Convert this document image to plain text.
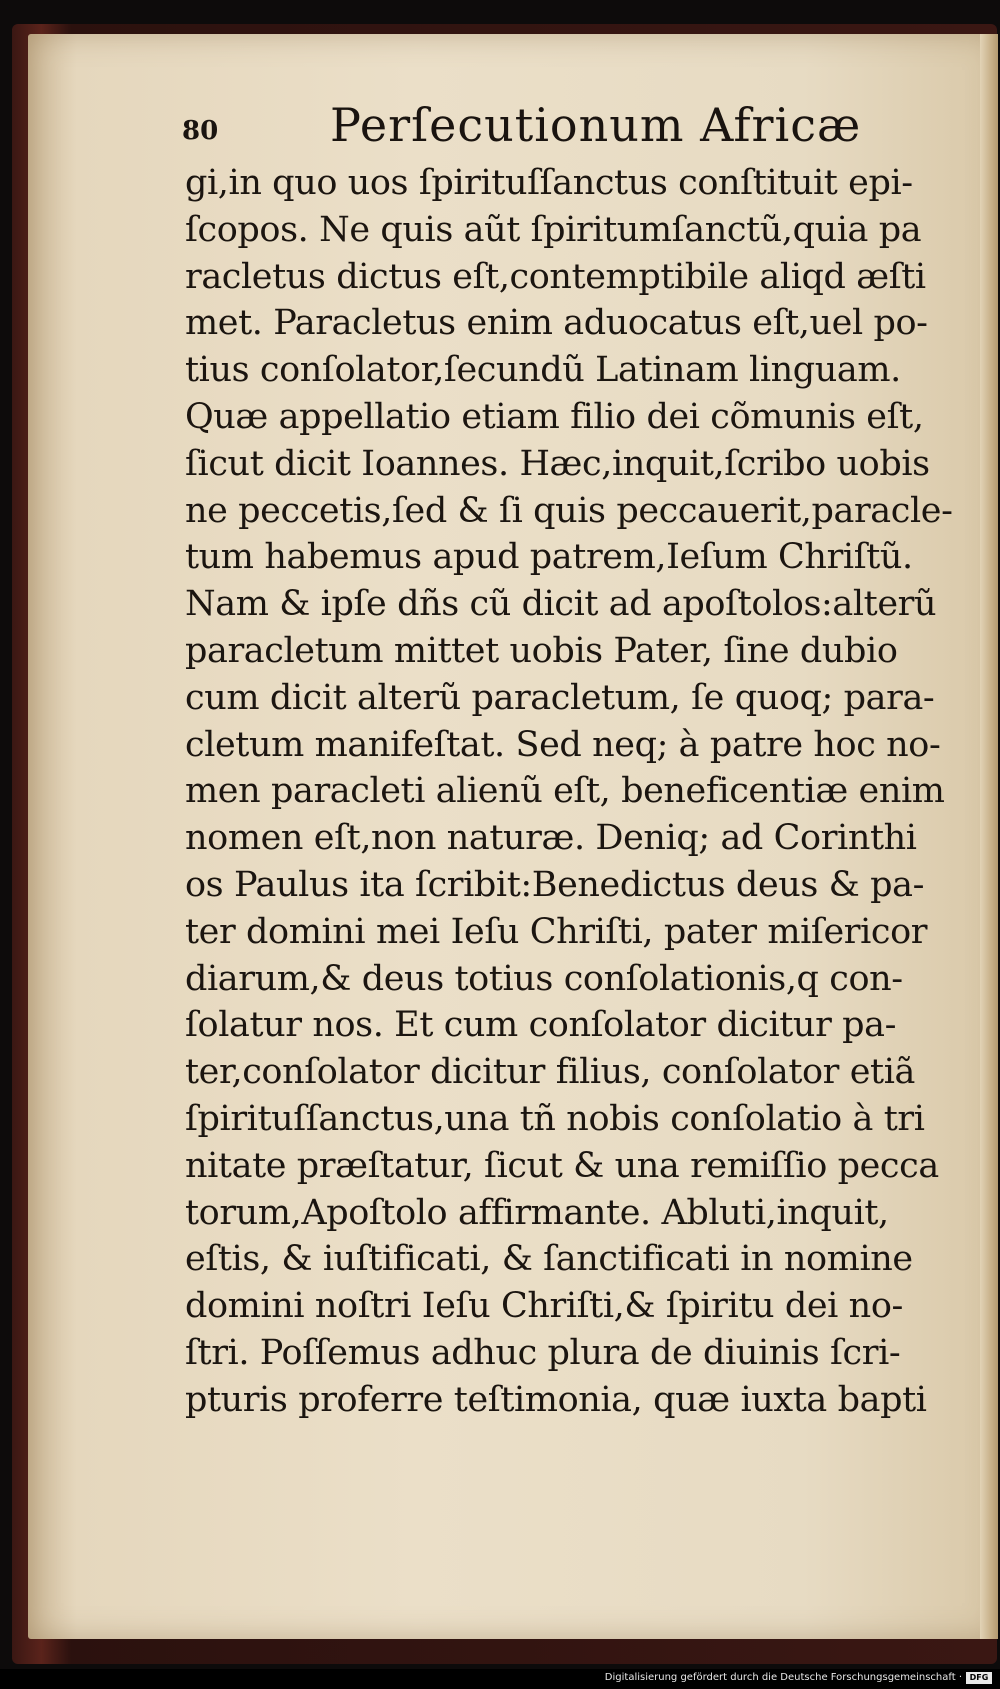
80 Perſecutionum Africæ
gi,in quo uos ſpirituſſanctus conſtituit epi-
ſcopos. Ne quis aũt ſpiritumſanctũ,quia pa
racletus dictus eſt,contemptibile aliqd æſti
met. Paracletus enim aduocatus eſt,uel po-
tius conſolator,ſecundũ Latinam linguam.
Quæ appellatio etiam filio dei cõmunis eſt,
ſicut dicit Ioannes. Hæc,inquit,ſcribo uobis
ne peccetis,ſed & ſi quis peccauerit,paracle-
tum habemus apud patrem,Ieſum Chriſtũ.
Nam & ipſe dñs cũ dicit ad apoſtolos:alterũ
paracletum mittet uobis Pater, ſine dubio
cum dicit alterũ paracletum, ſe quoq; para-
cletum manifeſtat. Sed neq; à patre hoc no-
men paracleti alienũ eſt, beneficentiæ enim
nomen eſt,non naturæ. Deniq; ad Corinthi
os Paulus ita ſcribit:Benedictus deus & pa-
ter domini mei Ieſu Chriſti, pater miſericor
diarum,& deus totius conſolationis,q con-
ſolatur nos. Et cum conſolator dicitur pa-
ter,conſolator dicitur filius, conſolator etiã
ſpirituſſanctus,una tñ nobis conſolatio à tri
nitate præſtatur, ſicut & una remiſſio pecca
torum,Apoſtolo affirmante. Abluti,inquit,
eſtis, & iuſtificati, & ſanctificati in nomine
domini noſtri Ieſu Chriſti,& ſpiritu dei no-
ſtri. Poſſemus adhuc plura de diuinis ſcri-
pturis proferre teſtimonia, quæ iuxta bapti
Digitalisierung gefördert durch die Deutsche Forschungsgemeinschaft · DFG
